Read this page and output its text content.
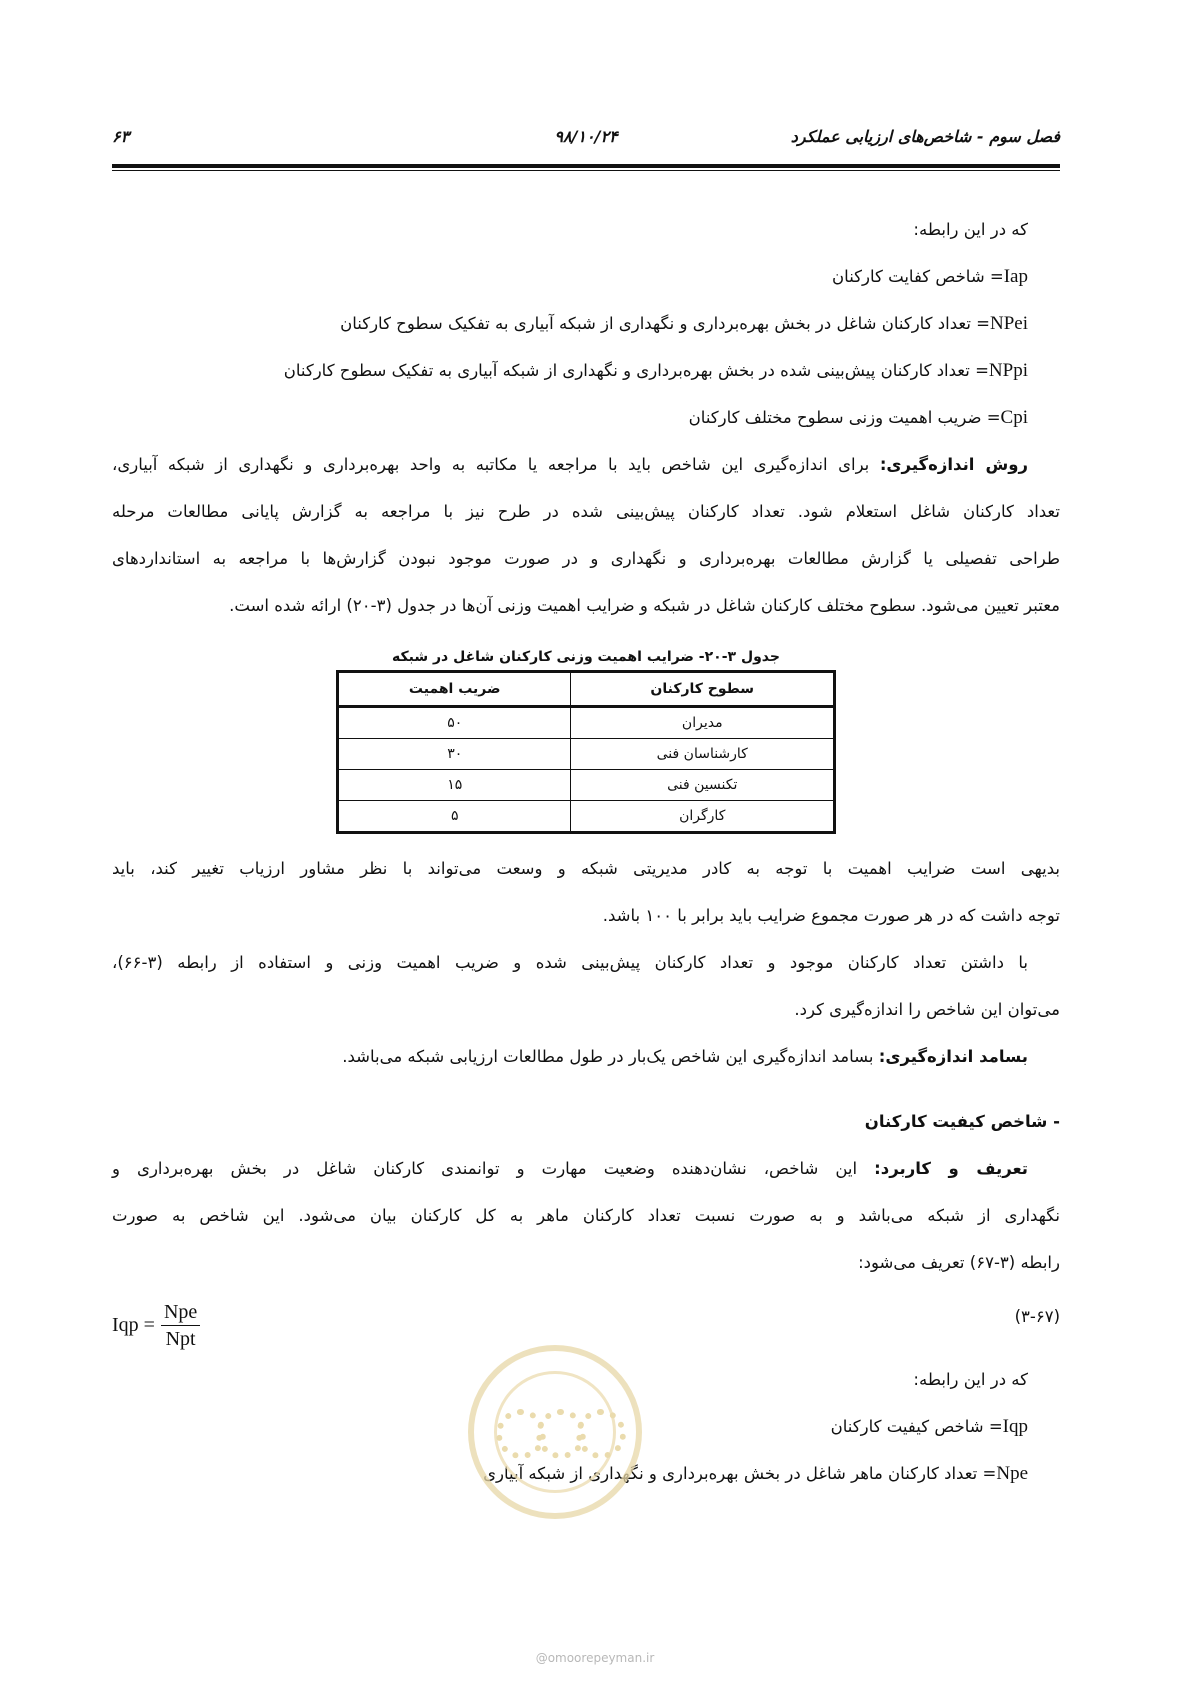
فصل سوم - شاخص‌های ارزیابی عملکرد
۹۸/۱۰/۲۴
۶۳
که در این رابطه:
Iap= شاخص کفایت کارکنان
NPei= تعداد کارکنان شاغل در بخش بهره‌برداری و نگهداری از شبکه آبیاری به تفکیک سطوح کارکنان
NPpi= تعداد کارکنان پیش‌بینی شده در بخش بهره‌برداری و نگهداری از شبکه آبیاری به تفکیک سطوح کارکنان
Cpi= ضریب اهمیت وزنی سطوح مختلف کارکنان
روش اندازه‌گیری: برای اندازه‌گیری این شاخص باید با مراجعه یا مکاتبه به واحد بهره‌برداری و نگهداری از شبکه آبیاری،
تعداد کارکنان شاغل استعلام شود. تعداد کارکنان پیش‌بینی شده در طرح نیز با مراجعه به گزارش پایانی مطالعات مرحله
طراحی تفصیلی یا گزارش مطالعات بهره‌برداری و نگهداری و در صورت موجود نبودن گزارش‌ها با مراجعه به استانداردهای
معتبر تعیین می‌شود. سطوح مختلف کارکنان شاغل در شبکه و ضرایب اهمیت وزنی آن‌ها در جدول (۳-۲۰) ارائه شده است.
جدول ۳-۲۰- ضرایب اهمیت وزنی کارکنان شاغل در شبکه
سطوح کارکنان	ضریب اهمیت
مدیران	۵۰
کارشناسان فنی	۳۰
تکنسین فنی	۱۵
کارگران	۵
بدیهی است ضرایب اهمیت با توجه به کادر مدیریتی شبکه و وسعت می‌تواند با نظر مشاور ارزیاب تغییر کند، باید
توجه داشت که در هر صورت مجموع ضرایب باید برابر با ۱۰۰ باشد.
با داشتن تعداد کارکنان موجود و تعداد کارکنان پیش‌بینی شده و ضریب اهمیت وزنی و استفاده از رابطه (۳-۶۶)،
می‌توان این شاخص را اندازه‌گیری کرد.
بسامد اندازه‌گیری: بسامد اندازه‌گیری این شاخص یک‌بار در طول مطالعات ارزیابی شبکه می‌باشد.
- شاخص کیفیت کارکنان
تعریف و کاربرد: این شاخص، نشان‌دهنده وضعیت مهارت و توانمندی کارکنان شاغل در بخش بهره‌برداری و
نگهداری از شبکه می‌باشد و به صورت نسبت تعداد کارکنان ماهر به کل کارکنان بیان می‌شود. این شاخص به صورت
رابطه (۳-۶۷) تعریف می‌شود:
(۳-۶۷)
Iqp = $\frac{\text{Npe}}{\text{Npt}}$
که در این رابطه:
Iqp= شاخص کیفیت کارکنان
Npe= تعداد کارکنان ماهر شاغل در بخش بهره‌برداری و نگهداری از شبکه آبیاری
@omoorepeyman.ir
